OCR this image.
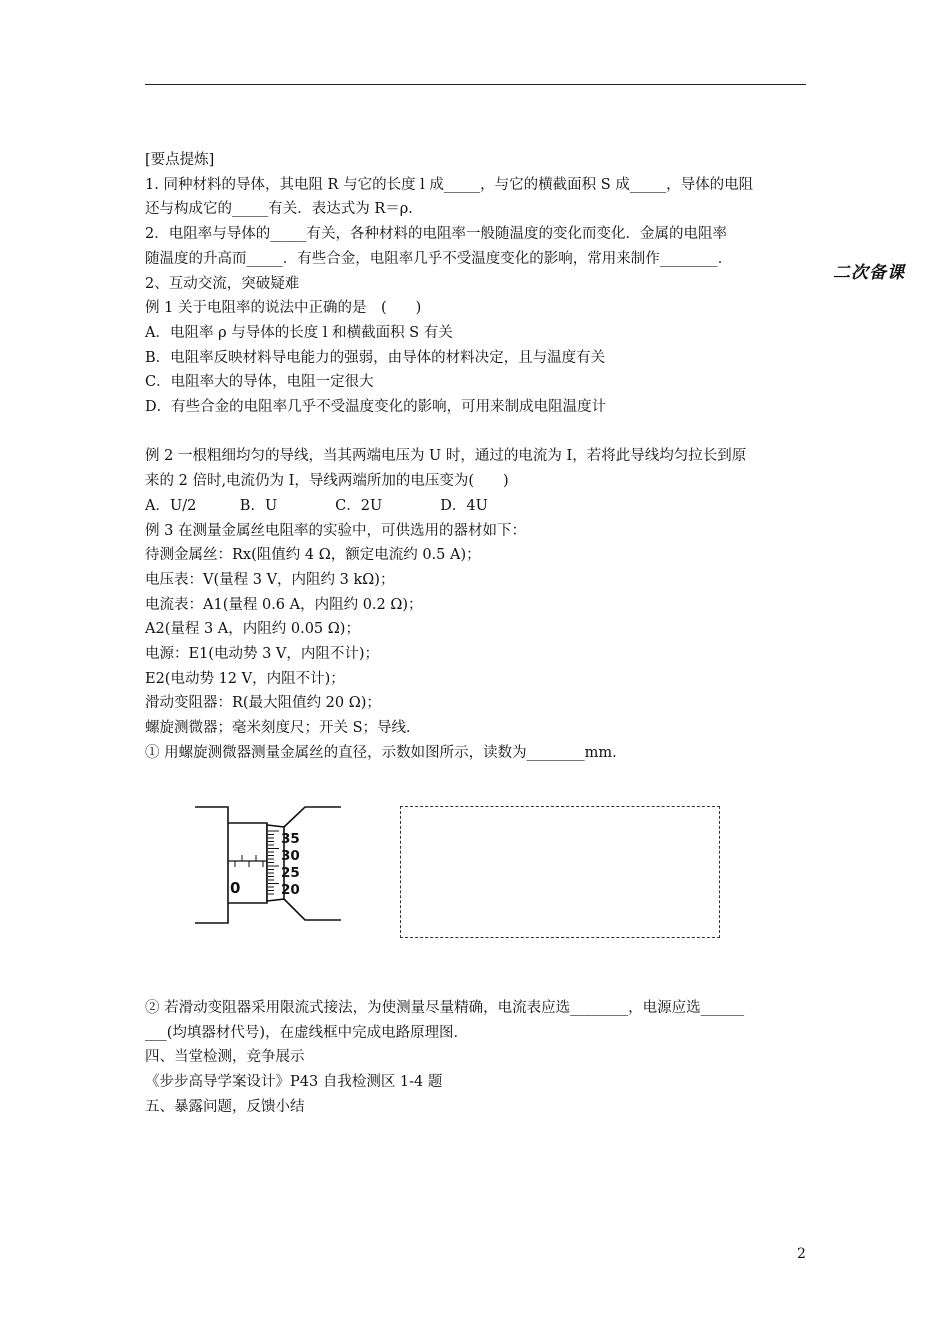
二次备课

[要点提炼]

1. 同种材料的导体，其电阻 R 与它的长度 l 成_____，与它的横截面积 S 成_____，导体的电阻

还与构成它的_____有关．表达式为 R＝ρ.

2．电阻率与导体的_____有关，各种材料的电阻率一般随温度的变化而变化．金属的电阻率

随温度的升高而_____．有些合金，电阻率几乎不受温度变化的影响，常用来制作________．

2、互动交流，突破疑难

例 1 关于电阻率的说法中正确的是　(　　)

A．电阻率 ρ 与导体的长度 l 和横截面积 S 有关

B．电阻率反映材料导电能力的强弱，由导体的材料决定，且与温度有关

C．电阻率大的导体，电阻一定很大

D．有些合金的电阻率几乎不受温度变化的影响，可用来制成电阻温度计

例 2 一根粗细均匀的导线，当其两端电压为 U 时，通过的电流为 I，若将此导线均匀拉长到原

来的 2 倍时,电流仍为 I，导线两端所加的电压变为(　　)

A．U/2　　　B．U　　　　C．2U　　　　D．4U

例 3 在测量金属丝电阻率的实验中，可供选用的器材如下：

待测金属丝：Rx(阻值约 4 Ω，额定电流约 0.5 A)；

电压表：V(量程 3 V，内阻约 3 kΩ)；

电流表：A1(量程 0.6 A，内阻约 0.2 Ω)；

A2(量程 3 A，内阻约 0.05 Ω)；

电源：E1(电动势 3 V，内阻不计)；

E2(电动势 12 V，内阻不计)；

滑动变阻器：R(最大阻值约 20 Ω)；

螺旋测微器；毫米刻度尺；开关 S；导线．

① 用螺旋测微器测量金属丝的直径，示数如图所示，读数为________mm.

0
35
30
25
20

② 若滑动变阻器采用限流式接法，为使测量尽量精确，电流表应选________，电源应选______

___(均填器材代号)，在虚线框中完成电路原理图．

四、当堂检测，竞争展示

《步步高导学案设计》P43 自我检测区 1-4 题

五、暴露问题，反馈小结

2
